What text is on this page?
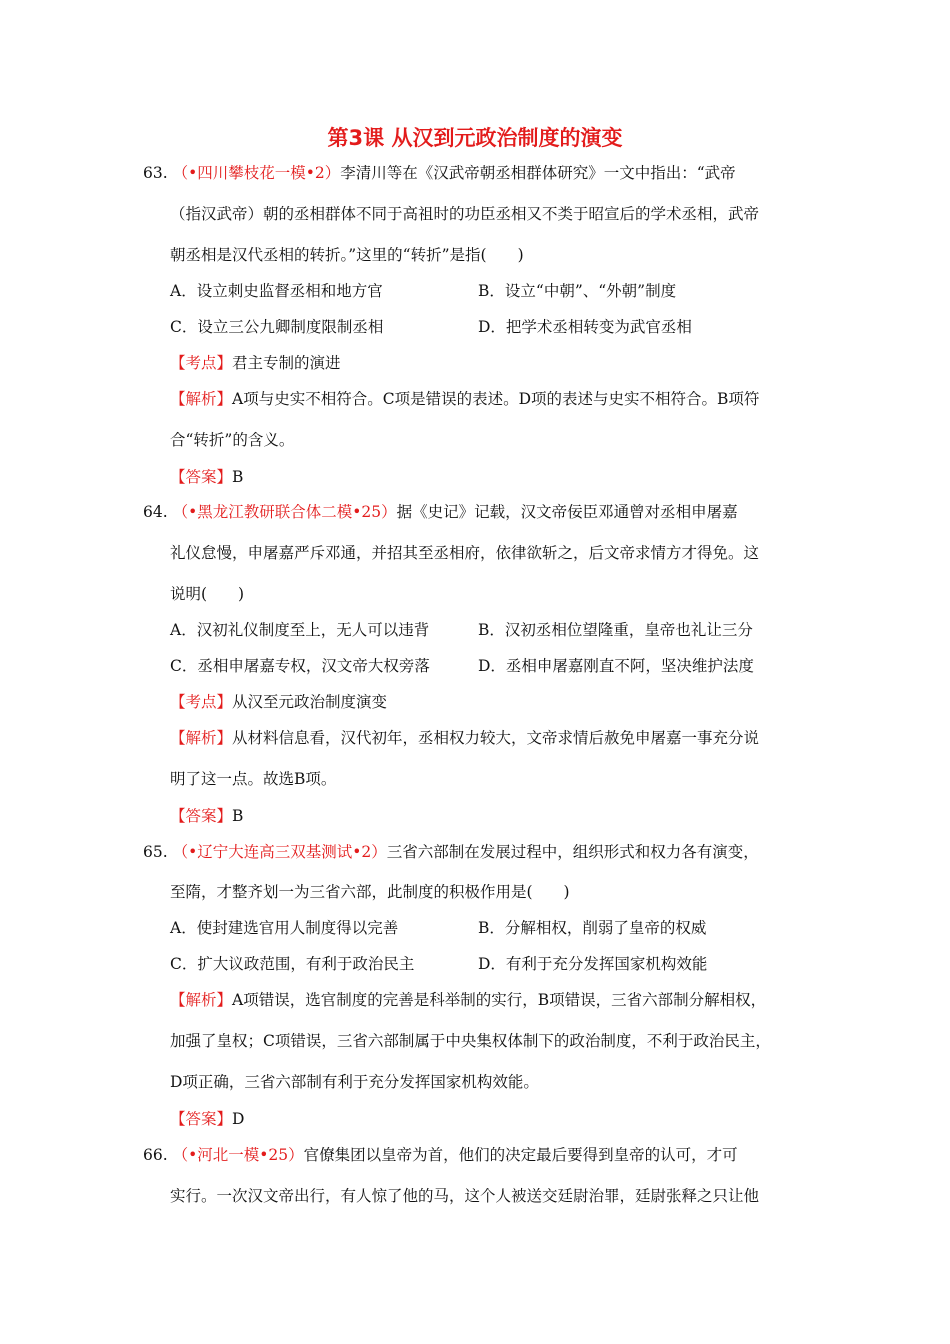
第3课 从汉到元政治制度的演变
63. （•四川攀枝花一模•2）李清川等在《汉武帝朝丞相群体研究》一文中指出：“武帝
（指汉武帝）朝的丞相群体不同于高祖时的功臣丞相又不类于昭宣后的学术丞相，武帝
朝丞相是汉代丞相的转折。”这里的“转折”是指(　　)
A．设立刺史监督丞相和地方官	B．设立“中朝”、“外朝”制度
C．设立三公九卿制度限制丞相	D．把学术丞相转变为武官丞相
【考点】君主专制的演进
【解析】A项与史实不相符合。C项是错误的表述。D项的表述与史实不相符合。B项符
合“转折”的含义。
【答案】B
64. （•黑龙江教研联合体二模•25）据《史记》记载，汉文帝佞臣邓通曾对丞相申屠嘉
礼仪怠慢，申屠嘉严斥邓通，并招其至丞相府，依律欲斩之，后文帝求情方才得免。这
说明(　　)
A．汉初礼仪制度至上，无人可以违背	B．汉初丞相位望隆重，皇帝也礼让三分
C．丞相申屠嘉专权，汉文帝大权旁落	D．丞相申屠嘉刚直不阿，坚决维护法度
【考点】从汉至元政治制度演变
【解析】从材料信息看，汉代初年，丞相权力较大，文帝求情后赦免申屠嘉一事充分说
明了这一点。故选B项。
【答案】B
65. （•辽宁大连高三双基测试•2）三省六部制在发展过程中，组织形式和权力各有演变，
至隋，才整齐划一为三省六部，此制度的积极作用是(　　)
A．使封建选官用人制度得以完善	B．分解相权，削弱了皇帝的权威
C．扩大议政范围，有利于政治民主	D．有利于充分发挥国家机构效能
【解析】A项错误，选官制度的完善是科举制的实行，B项错误，三省六部制分解相权，
加强了皇权；C项错误，三省六部制属于中央集权体制下的政治制度，不利于政治民主，
D项正确，三省六部制有利于充分发挥国家机构效能。
【答案】D
66. （•河北一模•25）官僚集团以皇帝为首，他们的决定最后要得到皇帝的认可，才可
实行。一次汉文帝出行，有人惊了他的马，这个人被送交廷尉治罪，廷尉张释之只让他
